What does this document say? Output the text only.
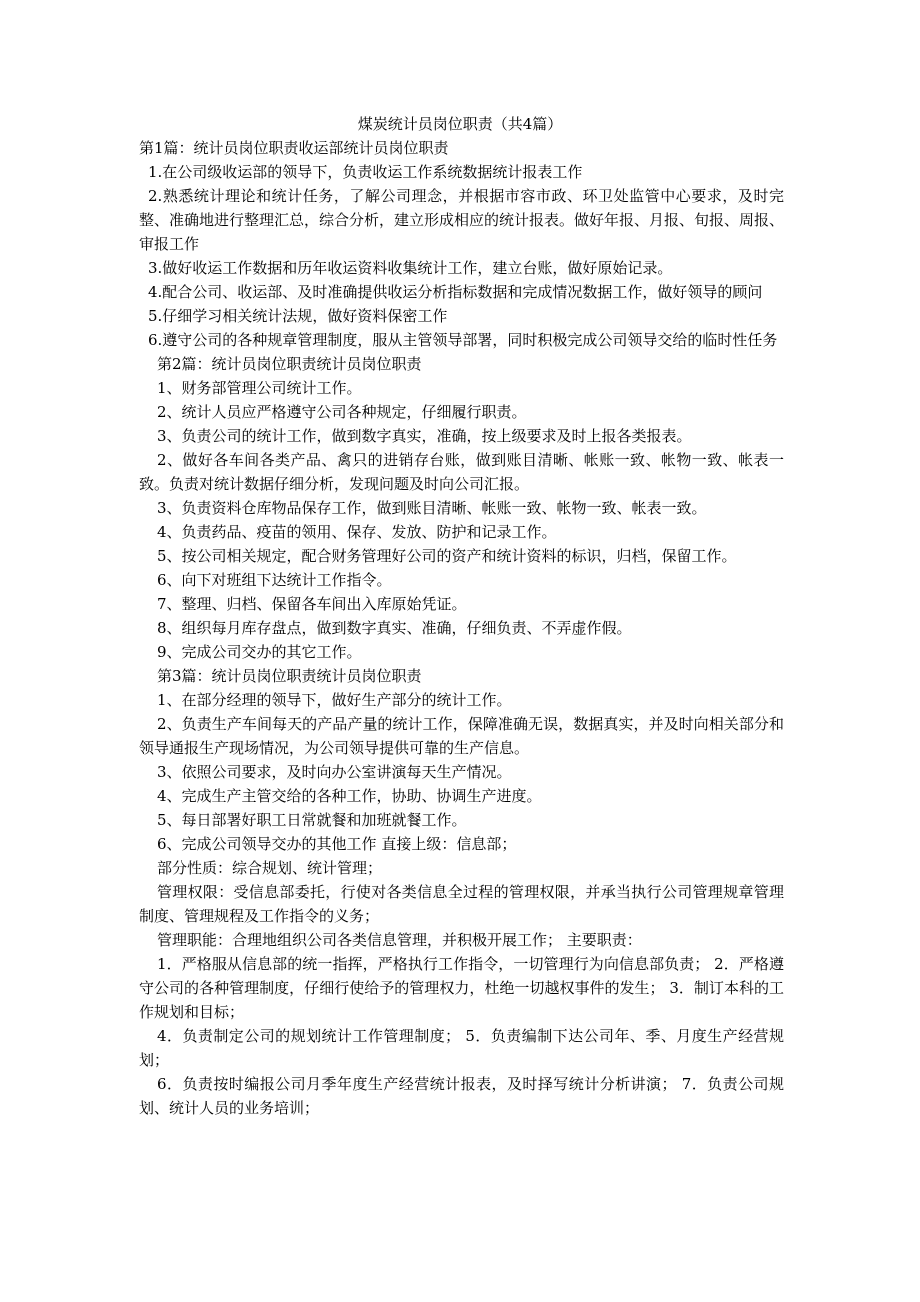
煤炭统计员岗位职责（共4篇）

第1篇：统计员岗位职责收运部统计员岗位职责

1.在公司级收运部的领导下，负责收运工作系统数据统计报表工作

2.熟悉统计理论和统计任务，了解公司理念，并根据市容市政、环卫处监管中心要求，及时完整、准确地进行整理汇总，综合分析，建立形成相应的统计报表。做好年报、月报、旬报、周报、审报工作

3.做好收运工作数据和历年收运资料收集统计工作，建立台账，做好原始记录。

4.配合公司、收运部、及时准确提供收运分析指标数据和完成情况数据工作，做好领导的顾问

5.仔细学习相关统计法规，做好资料保密工作

6.遵守公司的各种规章管理制度，服从主管领导部署，同时积极完成公司领导交给的临时性任务

第2篇：统计员岗位职责统计员岗位职责

1、财务部管理公司统计工作。

2、统计人员应严格遵守公司各种规定，仔细履行职责。

3、负责公司的统计工作，做到数字真实，准确，按上级要求及时上报各类报表。

2、做好各车间各类产品、禽只的进销存台账，做到账目清晰、帐账一致、帐物一致、帐表一致。负责对统计数据仔细分析，发现问题及时向公司汇报。

3、负责资料仓库物品保存工作，做到账目清晰、帐账一致、帐物一致、帐表一致。

4、负责药品、疫苗的领用、保存、发放、防护和记录工作。

5、按公司相关规定，配合财务管理好公司的资产和统计资料的标识，归档，保留工作。

6、向下对班组下达统计工作指令。

7、整理、归档、保留各车间出入库原始凭证。

8、组织每月库存盘点，做到数字真实、准确，仔细负责、不弄虚作假。

9、完成公司交办的其它工作。

第3篇：统计员岗位职责统计员岗位职责

1、在部分经理的领导下，做好生产部分的统计工作。

2、负责生产车间每天的产品产量的统计工作，保障准确无误，数据真实，并及时向相关部分和领导通报生产现场情况，为公司领导提供可靠的生产信息。

3、依照公司要求，及时向办公室讲演每天生产情况。

4、完成生产主管交给的各种工作，协助、协调生产进度。

5、每日部署好职工日常就餐和加班就餐工作。

6、完成公司领导交办的其他工作 直接上级：信息部；

部分性质：综合规划、统计管理；

管理权限：受信息部委托，行使对各类信息全过程的管理权限，并承当执行公司管理规章管理制度、管理规程及工作指令的义务；

管理职能：合理地组织公司各类信息管理，并积极开展工作； 主要职责：

1．严格服从信息部的统一指挥，严格执行工作指令，一切管理行为向信息部负责； 2．严格遵守公司的各种管理制度，仔细行使给予的管理权力，杜绝一切越权事件的发生； 3．制订本科的工作规划和目标；

4．负责制定公司的规划统计工作管理制度； 5．负责编制下达公司年、季、月度生产经营规划；

6．负责按时编报公司月季年度生产经营统计报表，及时择写统计分析讲演； 7．负责公司规划、统计人员的业务培训；
